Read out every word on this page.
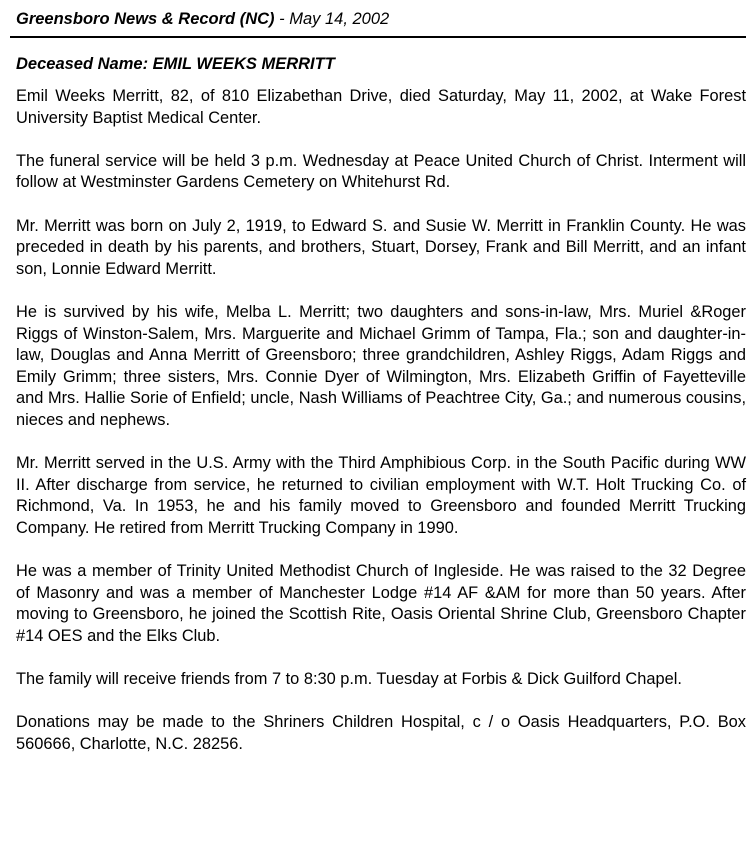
Greensboro News & Record (NC) - May 14, 2002
Deceased Name: EMIL WEEKS MERRITT

Emil Weeks Merritt, 82, of 810 Elizabethan Drive, died Saturday, May 11, 2002, at Wake Forest University Baptist Medical Center.

The funeral service will be held 3 p.m. Wednesday at Peace United Church of Christ. Interment will follow at Westminster Gardens Cemetery on Whitehurst Rd.

Mr. Merritt was born on July 2, 1919, to Edward S. and Susie W. Merritt in Franklin County. He was preceded in death by his parents, and brothers, Stuart, Dorsey, Frank and Bill Merritt, and an infant son, Lonnie Edward Merritt.

He is survived by his wife, Melba L. Merritt; two daughters and sons-in-law, Mrs. Muriel &Roger Riggs of Winston-Salem, Mrs. Marguerite and Michael Grimm of Tampa, Fla.; son and daughter-in-law, Douglas and Anna Merritt of Greensboro; three grandchildren, Ashley Riggs, Adam Riggs and Emily Grimm; three sisters, Mrs. Connie Dyer of Wilmington, Mrs. Elizabeth Griffin of Fayetteville and Mrs. Hallie Sorie of Enfield; uncle, Nash Williams of Peachtree City, Ga.; and numerous cousins, nieces and nephews.

Mr. Merritt served in the U.S. Army with the Third Amphibious Corp. in the South Pacific during WW II. After discharge from service, he returned to civilian employment with W.T. Holt Trucking Co. of Richmond, Va. In 1953, he and his family moved to Greensboro and founded Merritt Trucking Company. He retired from Merritt Trucking Company in 1990.

He was a member of Trinity United Methodist Church of Ingleside. He was raised to the 32 Degree of Masonry and was a member of Manchester Lodge #14 AF &AM for more than 50 years. After moving to Greensboro, he joined the Scottish Rite, Oasis Oriental Shrine Club, Greensboro Chapter #14 OES and the Elks Club.

The family will receive friends from 7 to 8:30 p.m. Tuesday at Forbis & Dick Guilford Chapel.

Donations may be made to the Shriners Children Hospital, c / o Oasis Headquarters, P.O. Box 560666, Charlotte, N.C. 28256.
